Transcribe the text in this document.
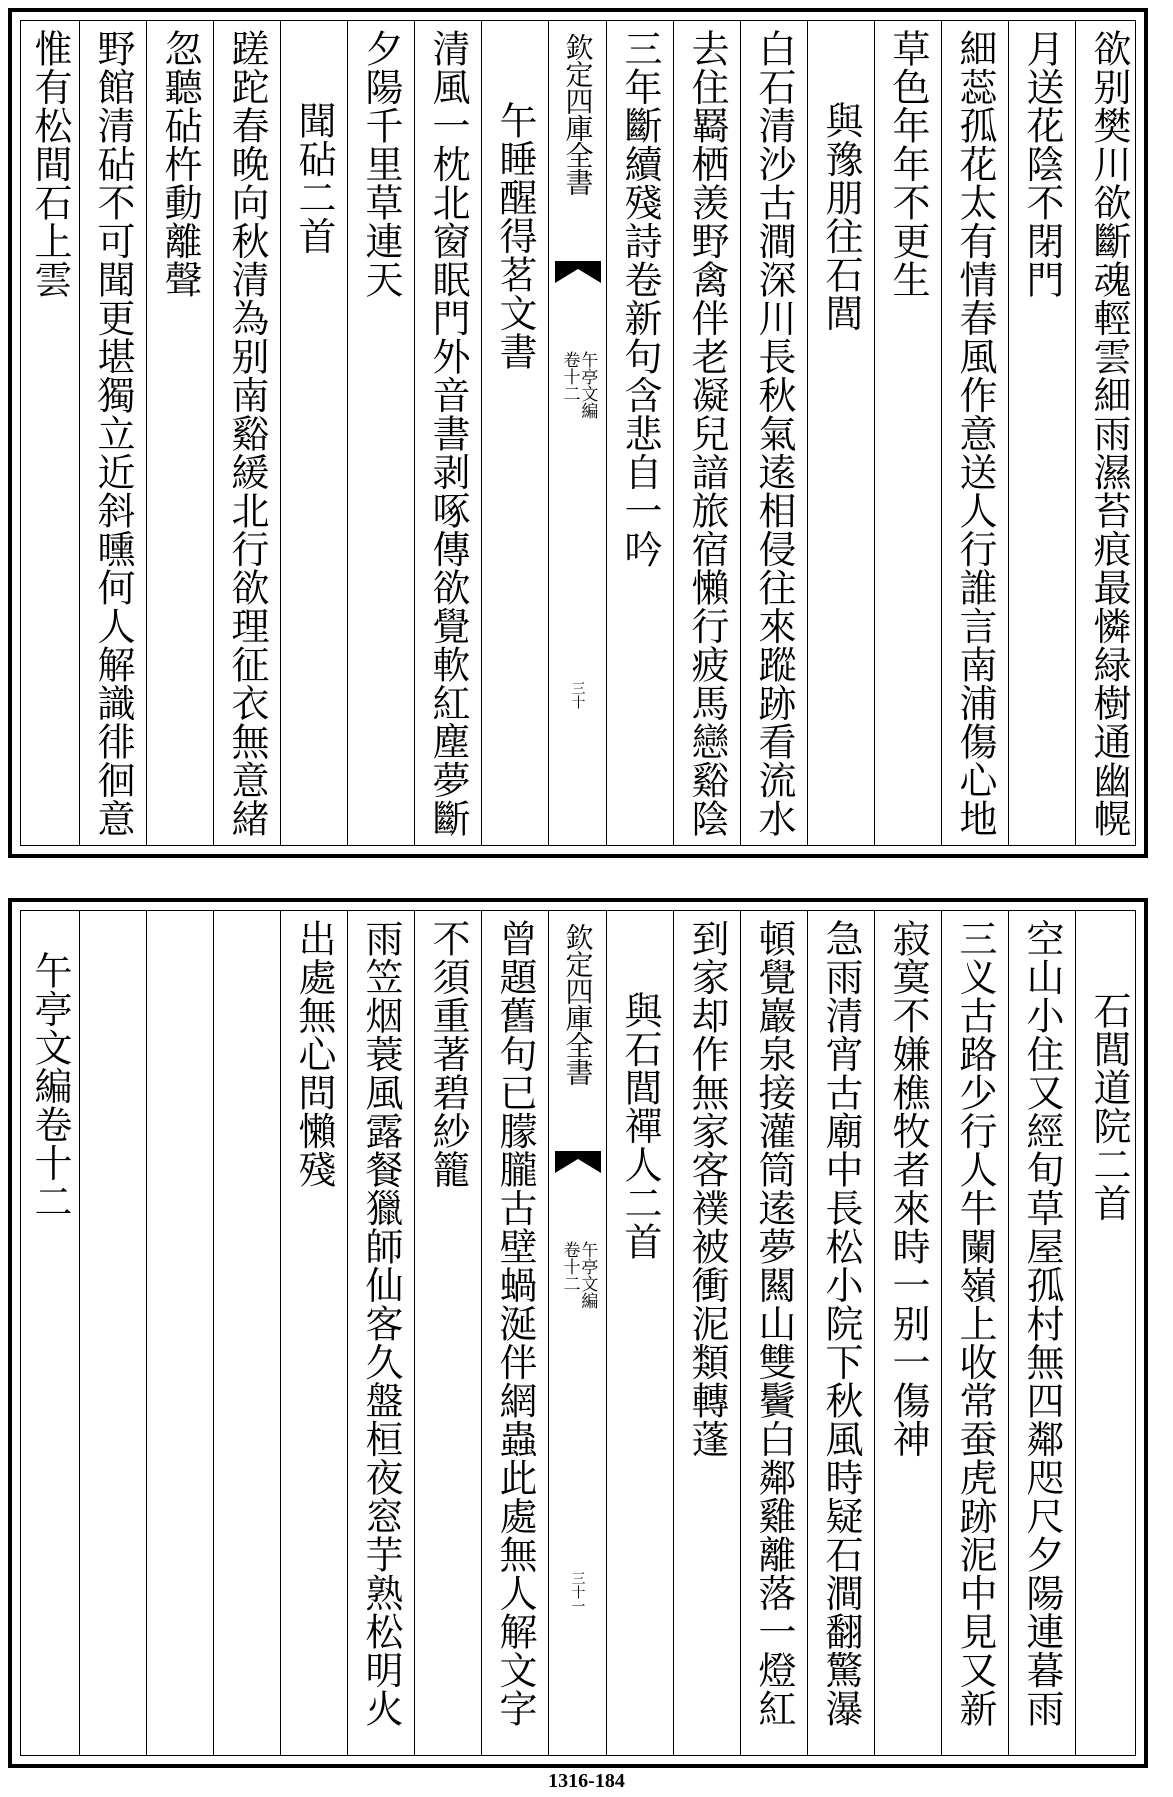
欲别樊川欲斷魂輕雲細雨濕苔痕最憐緑樹通幽幌
月送花陰不閉門
細蕊孤花太有情春風作意送人行誰言南浦傷心地
草色年年不更生
與豫朋往石閭
白石清沙古澗深川長秋氣逺相侵往來蹤跡看流水
去住羇栖羡野禽伴老凝兒諳旅宿懶行疲馬戀谿陰
三年斷續殘詩卷新句含悲自一吟
欽定四庫全書
午亭文編
卷十二
三十
午睡醒得茗文書
清風一枕北窗眠門外音書剥啄傳欲覺軟紅塵夢斷
夕陽千里草連天
聞砧二首
蹉跎春晚向秋清為别南谿緩北行欲理征衣無意緒
忽聽砧杵動離聲
野館清砧不可聞更堪獨立近斜曛何人解識徘徊意
惟有松間石上雲
石閭道院二首
空山小住又經旬草屋孤村無四鄰咫尺夕陽連暮雨
三义古路少行人牛闌嶺上收常蚕虎跡泥中見又新
寂寞不嫌樵牧者來時一别一傷神
急雨清宵古廟中長松小院下秋風時疑石澗翻驚瀑
頓覺巖泉接灌筒逺夢闗山雙鬢白鄰雞離落一燈紅
到家却作無家客襆被衝泥類轉蓬
與石閭禪人二首
欽定四庫全書
午亭文編
卷十二
三十一
曾題舊句已朦朧古壁蝸涎伴網蟲此處無人解文字
不須重著碧紗籠
雨笠烟蓑風露餐獵師仙客久盤桓夜窓芋熟松明火
出處無心問懶殘
午亭文編卷十二
1316-184
